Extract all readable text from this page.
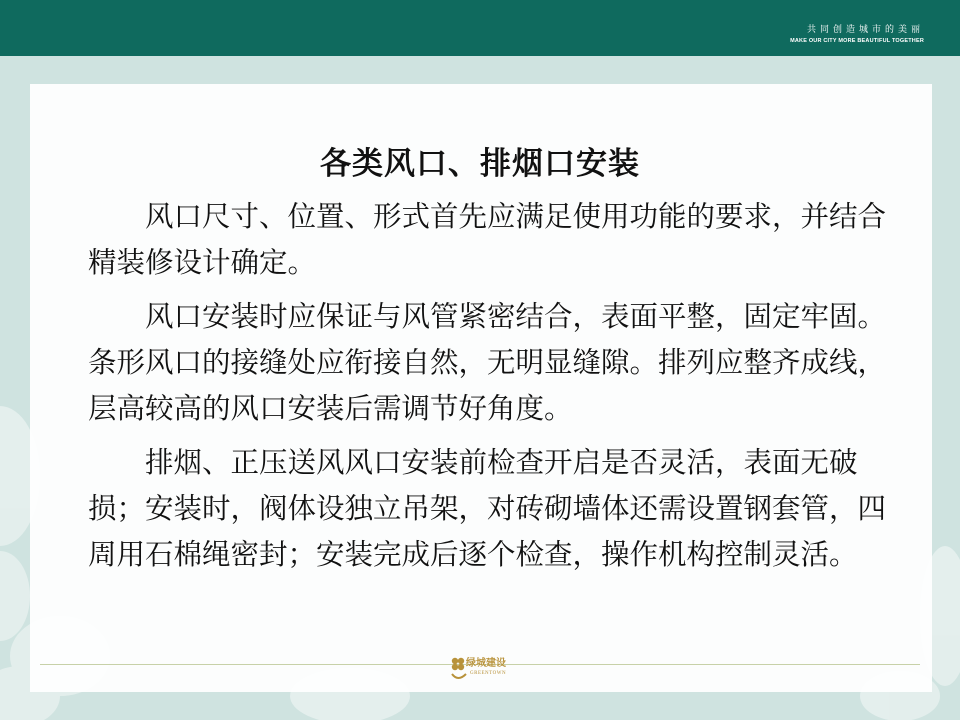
共同创造城市的美丽
MAKE OUR CITY MORE BEAUTIFUL TOGETHER
各类风口、排烟口安装

风口尺寸、位置、形式首先应满足使用功能的要求，并结合精装修设计确定。

风口安装时应保证与风管紧密结合，表面平整，固定牢固。条形风口的接缝处应衔接自然，无明显缝隙。排列应整齐成线，层高较高的风口安装后需调节好角度。

排烟、正压送风风口安装前检查开启是否灵活，表面无破损；安装时，阀体设独立吊架，对砖砌墙体还需设置钢套管，四周用石棉绳密封；安装完成后逐个检查，操作机构控制灵活。

绿城建设
GREENTOWN
